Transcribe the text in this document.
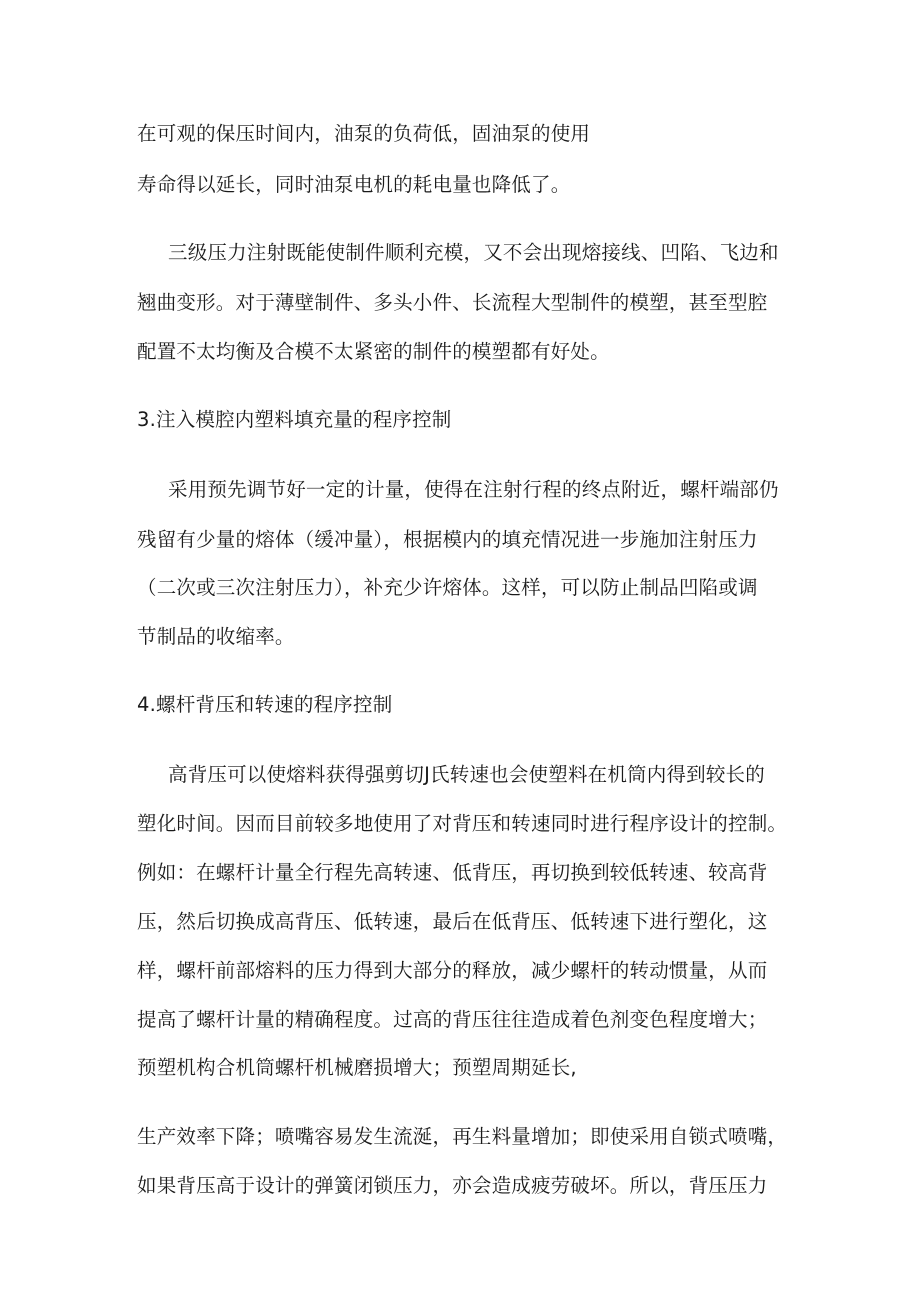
在可观的保压时间内，油泵的负荷低，固油泵的使用
寿命得以延长，同时油泵电机的耗电量也降低了。
三级压力注射既能使制件顺利充模，又不会出现熔接线、凹陷、飞边和
翘曲变形。对于薄壁制件、多头小件、长流程大型制件的模塑，甚至型腔
配置不太均衡及合模不太紧密的制件的模塑都有好处。
3.注入模腔内塑料填充量的程序控制
采用预先调节好一定的计量，使得在注射行程的终点附近，螺杆端部仍
残留有少量的熔体（缓冲量），根据模内的填充情况进一步施加注射压力
（二次或三次注射压力），补充少许熔体。这样，可以防止制品凹陷或调
节制品的收缩率。
4.螺杆背压和转速的程序控制
高背压可以使熔料获得强剪切J氏转速也会使塑料在机筒内得到较长的
塑化时间。因而目前较多地使用了对背压和转速同时进行程序设计的控制。
例如：在螺杆计量全行程先高转速、低背压，再切换到较低转速、较高背
压，然后切换成高背压、低转速，最后在低背压、低转速下进行塑化，这
样，螺杆前部熔料的压力得到大部分的释放，减少螺杆的转动惯量，从而
提高了螺杆计量的精确程度。过高的背压往往造成着色剂变色程度增大；
预塑机构合机筒螺杆机械磨损增大；预塑周期延长,
生产效率下降；喷嘴容易发生流涎，再生料量增加；即使采用自锁式喷嘴，
如果背压高于设计的弹簧闭锁压力，亦会造成疲劳破坏。所以，背压压力
